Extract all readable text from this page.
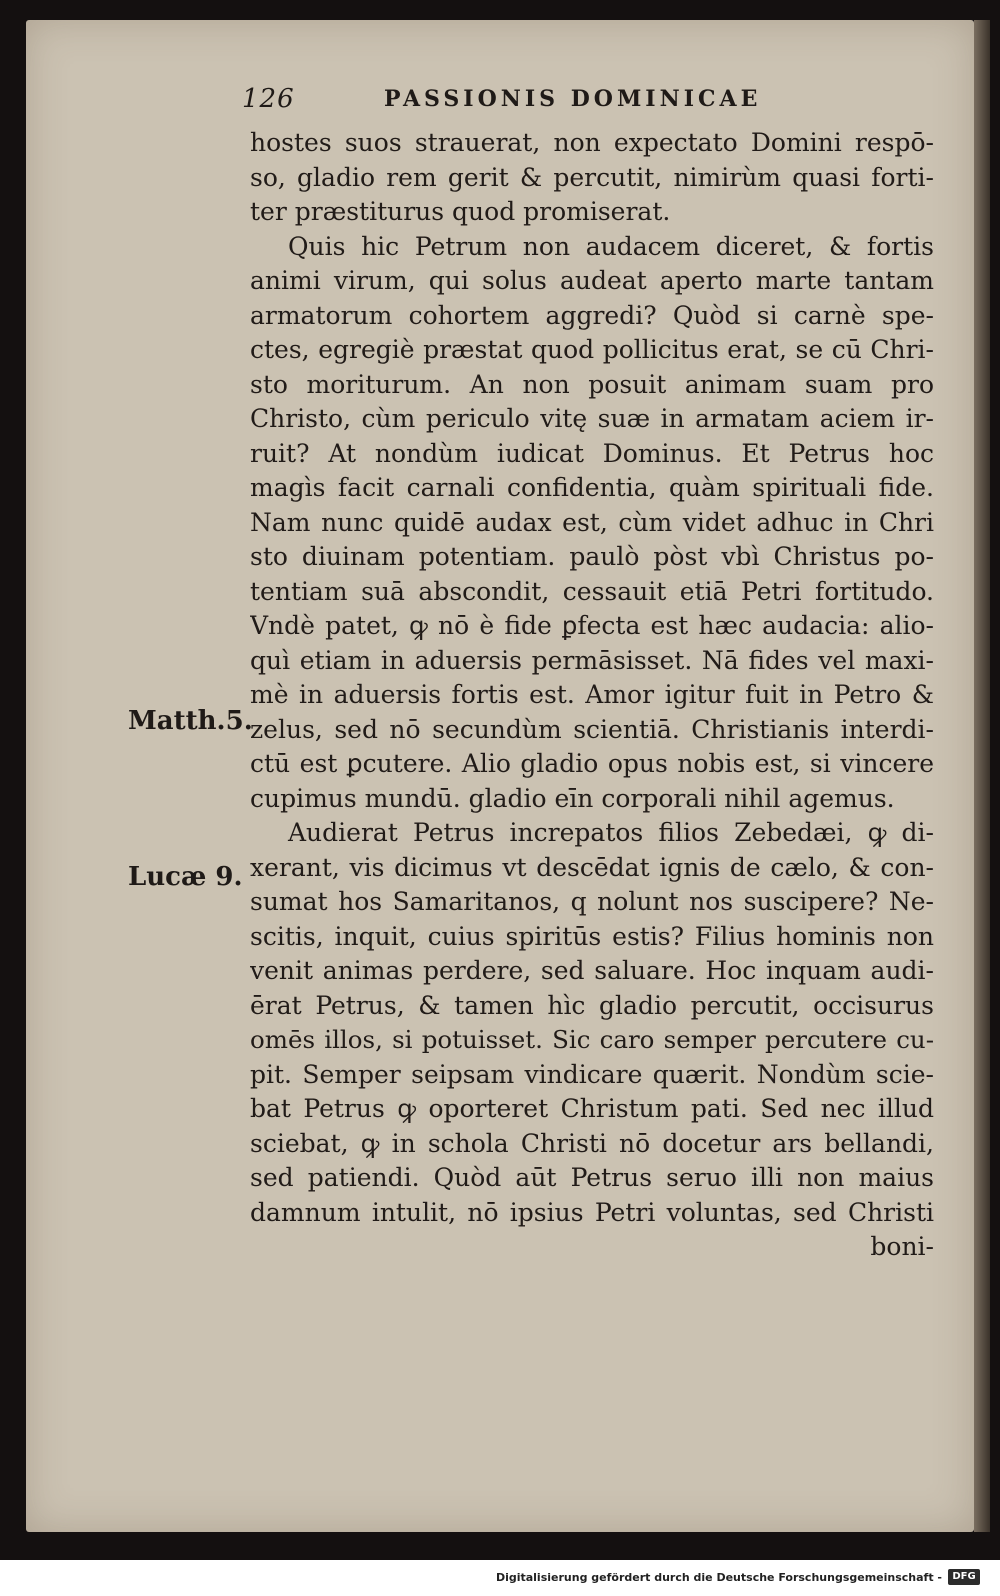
126	PASSIONIS DOMINICAE
Matth.5.
Lucæ 9.
hostes suos strauerat, non expectato Domini respō-
so, gladio rem gerit & percutit, nimirùm quasi forti-
ter præstiturus quod promiserat.
Quis hic Petrum non audacem diceret, & fortis
animi virum, qui solus audeat aperto marte tantam
armatorum cohortem aggredi? Quòd si carnè spe-
ctes, egregiè præstat quod pollicitus erat, se cū Chri-
sto moriturum. An non posuit animam suam pro
Christo, cùm periculo vitę suæ in armatam aciem ir-
ruit? At nondùm iudicat Dominus. Et Petrus hoc
magìs facit carnali confidentia, quàm spirituali fide.
Nam nunc quidē audax est, cùm videt adhuc in Chri
sto diuinam potentiam. paulò pòst vbì Christus po-
tentiam suā abscondit, cessauit etiā Petri fortitudo.
Vndè patet, ꝙ nō è fide ꝑfecta est hæc audacia: alio-
quì etiam in aduersis permāsisset. Nā fides vel maxi-
mè in aduersis fortis est. Amor igitur fuit in Petro &
zelus, sed nō secundùm scientiā. Christianis interdi-
ctū est ꝑcutere. Alio gladio opus nobis est, si vincere
cupimus mundū. gladio eīn corporali nihil agemus.
Audierat Petrus increpatos filios Zebedæi, ꝙ di-
xerant, vis dicimus vt descēdat ignis de cælo, & con-
sumat hos Samaritanos, q nolunt nos suscipere? Ne-
scitis, inquit, cuius spiritūs estis? Filius hominis non
venit animas perdere, sed saluare. Hoc inquam audi-
ērat Petrus, & tamen hìc gladio percutit, occisurus
omēs illos, si potuisset. Sic caro semper percutere cu-
pit. Semper seipsam vindicare quærit. Nondùm scie-
bat Petrus ꝙ oporteret Christum pati. Sed nec illud
sciebat, ꝙ in schola Christi nō docetur ars bellandi,
sed patiendi. Quòd aūt Petrus seruo illi non maius
damnum intulit, nō ipsius Petri voluntas, sed Christi
boni-
Digitalisierung gefördert durch die Deutsche Forschungsgemeinschaft -	DFG
